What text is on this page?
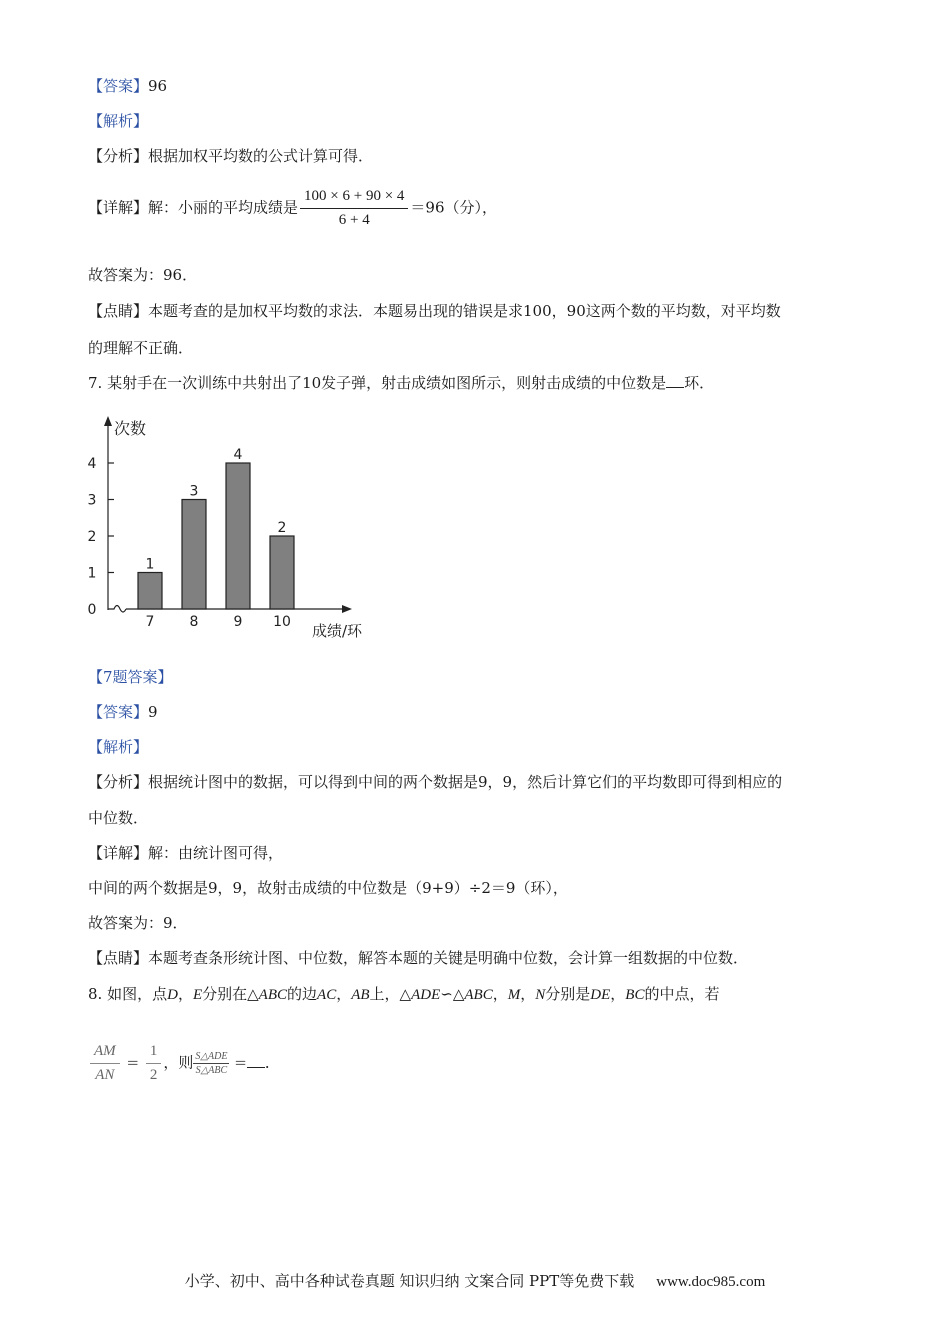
【答案】96
【解析】
【分析】根据加权平均数的公式计算可得．
【详解】解：小丽的平均成绩是 $\frac{100 \times 6 + 90 \times 4}{6 + 4} =96$（分），
故答案为：96．
【点睛】本题考查的是加权平均数的求法．本题易出现的错误是求100，90这两个数的平均数，对平均数
的理解不正确．
7. 某射手在一次训练中共射出了10发子弹，射击成绩如图所示，则射击成绩的中位数是 环．
次数
成绩/环
0
1
2
3
4
1
7
3
8
4
9
2
10
【7题答案】
【答案】9
【解析】
【分析】根据统计图中的数据，可以得到中间的两个数据是9，9，然后计算它们的平均数即可得到相应的
中位数．
【详解】解：由统计图可得，
中间的两个数据是9，9，故射击成绩的中位数是（9+9）÷2＝9（环），
故答案为：9．
【点睛】本题考查条形统计图、中位数，解答本题的关键是明确中位数，会计算一组数据的中位数．
8. 如图，点D，E分别在△ABC的边AC，AB上，△ADE∽△ABC，M，N分别是DE，BC的中点，若
$\frac{AM}{AN} = \frac{1}{2}$ ，则 $\frac{\text{S△ADE}}{\text{S△ABC}}$ = ．
小学、初中、高中各种试卷真题 知识归纳 文案合同 PPT等免费下载 www.doc985.com
